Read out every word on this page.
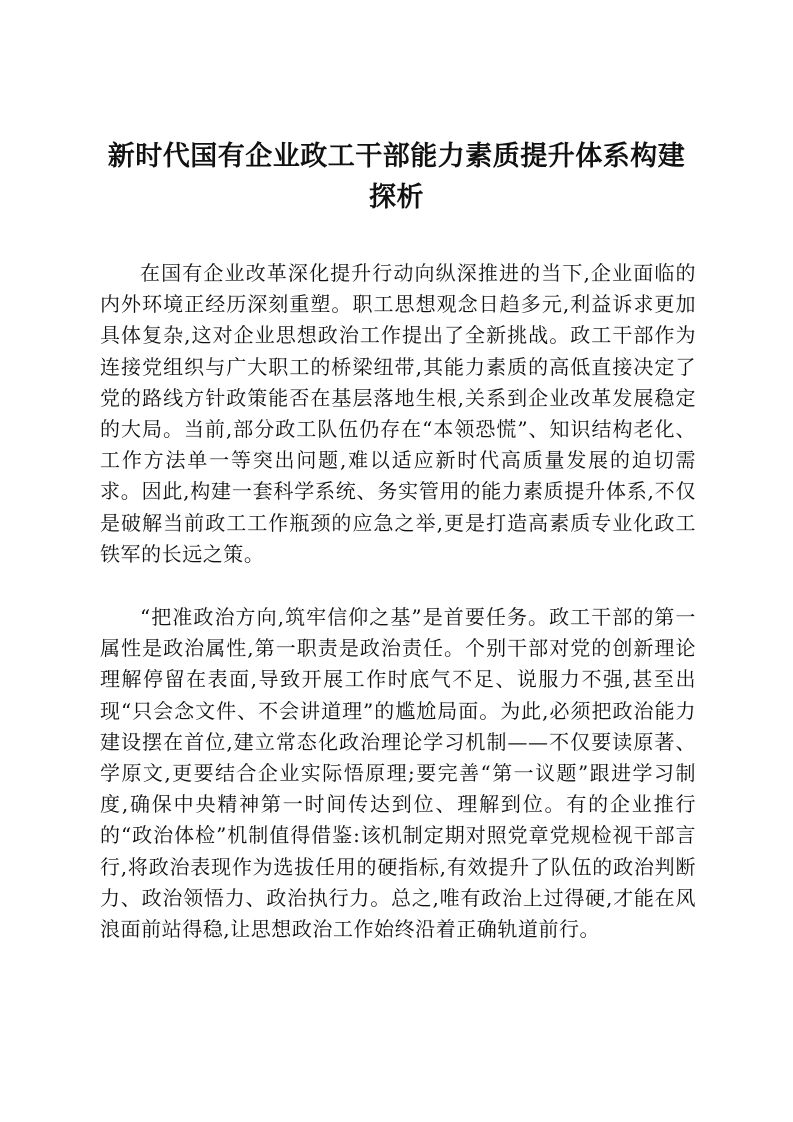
新时代国有企业政工干部能力素质提升体系构建探析

在国有企业改革深化提升行动向纵深推进的当下,企业面临的内外环境正经历深刻重塑。职工思想观念日趋多元,利益诉求更加具体复杂,这对企业思想政治工作提出了全新挑战。政工干部作为连接党组织与广大职工的桥梁纽带,其能力素质的高低直接决定了党的路线方针政策能否在基层落地生根,关系到企业改革发展稳定的大局。当前,部分政工队伍仍存在“本领恐慌”、知识结构老化、工作方法单一等突出问题,难以适应新时代高质量发展的迫切需求。因此,构建一套科学系统、务实管用的能力素质提升体系,不仅是破解当前政工工作瓶颈的应急之举,更是打造高素质专业化政工铁军的长远之策。

“把准政治方向,筑牢信仰之基”是首要任务。政工干部的第一属性是政治属性,第一职责是政治责任。个别干部对党的创新理论理解停留在表面,导致开展工作时底气不足、说服力不强,甚至出现“只会念文件、不会讲道理”的尴尬局面。为此,必须把政治能力建设摆在首位,建立常态化政治理论学习机制——不仅要读原著、学原文,更要结合企业实际悟原理;要完善“第一议题”跟进学习制度,确保中央精神第一时间传达到位、理解到位。有的企业推行的“政治体检”机制值得借鉴:该机制定期对照党章党规检视干部言行,将政治表现作为选拔任用的硬指标,有效提升了队伍的政治判断力、政治领悟力、政治执行力。总之,唯有政治上过得硬,才能在风浪面前站得稳,让思想政治工作始终沿着正确轨道前行。
